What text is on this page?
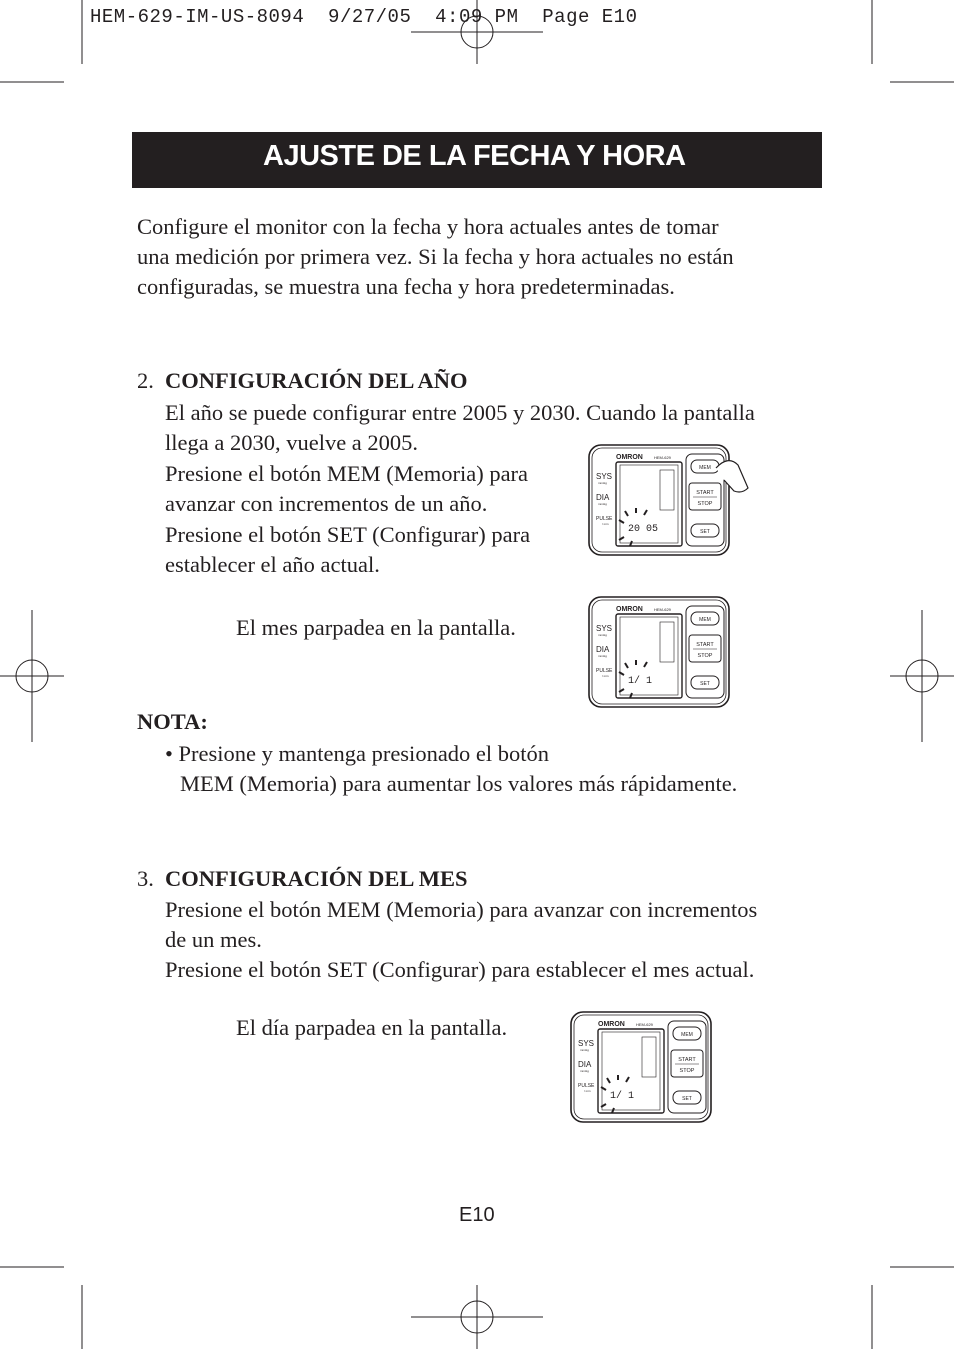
HEM-629-IM-US-8094  9/27/05  4:09 PM  Page E10
AJUSTE DE LA FECHA Y HORA
Configure el monitor con la fecha y hora actuales antes de tomar
una medición por primera vez. Si la fecha y hora actuales no están
configuradas, se muestra una fecha y hora predeterminadas.
2. CONFIGURACIÓN DEL AÑO
El año se puede configurar entre 2005 y 2030. Cuando la pantalla
llega a 2030, vuelve a 2005.
Presione el botón MEM (Memoria) para
avanzar con incrementos de un año.
Presione el botón SET (Configurar) para
establecer el año actual.
El mes parpadea en la pantalla.
NOTA:
• Presione y mantenga presionado el botón
MEM (Memoria) para aumentar los valores más rápidamente.
3. CONFIGURACIÓN DEL MES
Presione el botón MEM (Memoria) para avanzar con incrementos
de un mes.
Presione el botón SET (Configurar) para establecer el mes actual.
El día parpadea en la pantalla.
OMRON	HEM-629
SYS
mmHg
DIA
mmHg
PULSE
/ min 20 05
MEM
START
STOP
SET
OMRON	HEM-629
SYS
mmHg
DIA
mmHg
PULSE
/ min 1/ 1
MEM
START
STOP
SET
OMRON	HEM-629
SYS
mmHg
DIA
mmHg
PULSE
/ min 1/ 1
MEM
START
STOP
SET
E10
